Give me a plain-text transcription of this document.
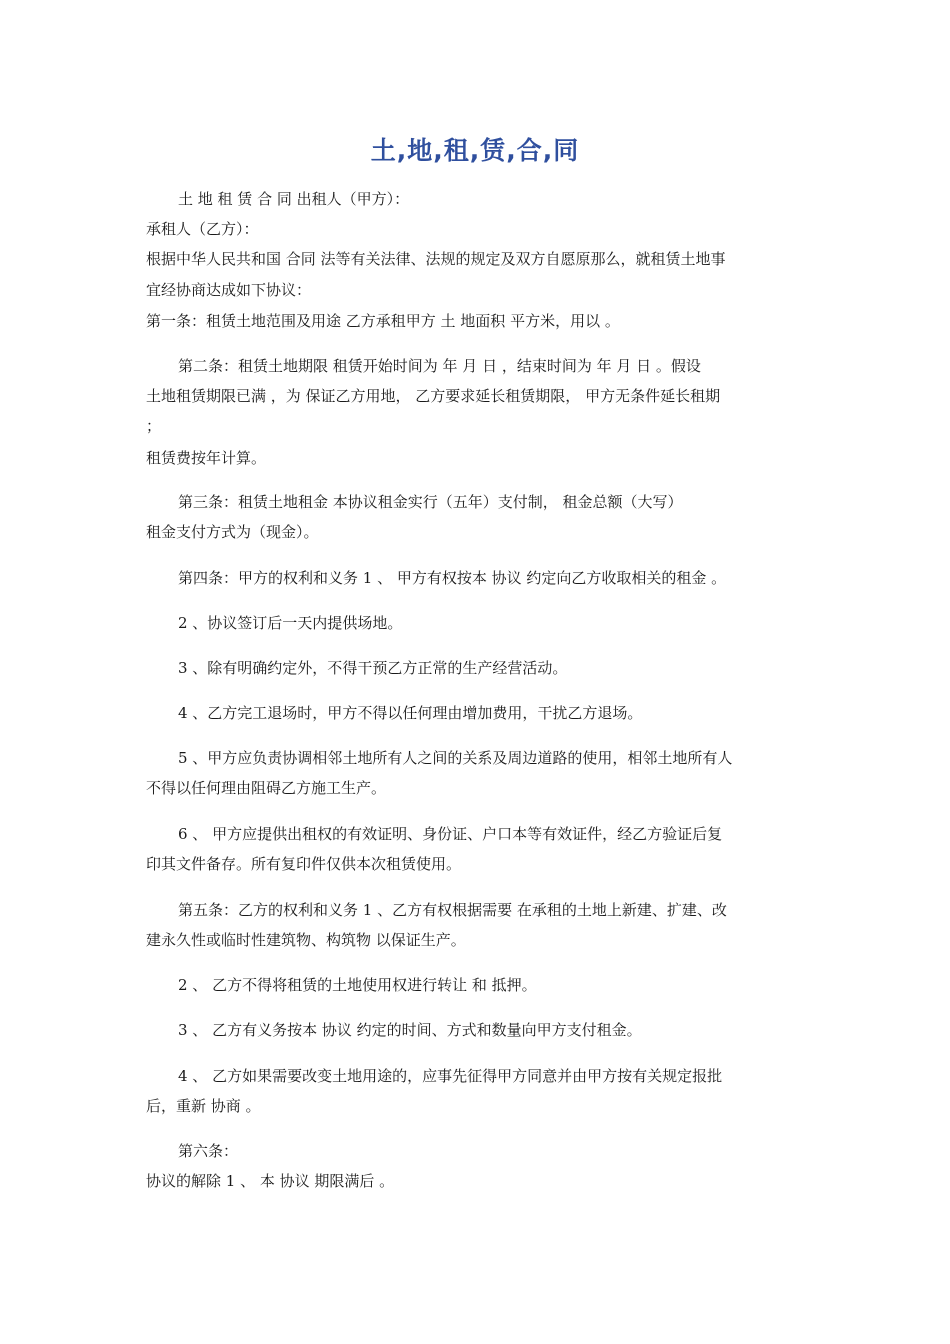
土,地,租,赁,合,同
土 地 租 赁 合 同 出租人（甲方）：
承租人（乙方）：
根据中华人民共和国 合同 法等有关法律、法规的规定及双方自愿原那么，就租赁土地事
宜经协商达成如下协议：
第一条：租赁土地范围及用途 乙方承租甲方 土 地面积 平方米，用以 。
第二条：租赁土地期限 租赁开始时间为 年 月 日 ，结束时间为 年 月 日 。假设
土地租赁期限已满 ，为 保证乙方用地， 乙方要求延长租赁期限， 甲方无条件延长租期
；
租赁费按年计算。
第三条：租赁土地租金 本协议租金实行（五年）支付制， 租金总额（大写）
租金支付方式为（现金）。
第四条：甲方的权利和义务 1 、 甲方有权按本 协议 约定向乙方收取相关的租金 。
2 、协议签订后一天内提供场地。
3 、除有明确约定外，不得干预乙方正常的生产经营活动。
4 、乙方完工退场时，甲方不得以任何理由增加费用，干扰乙方退场。
5 、甲方应负责协调相邻土地所有人之间的关系及周边道路的使用，相邻土地所有人
不得以任何理由阻碍乙方施工生产。
6 、 甲方应提供出租权的有效证明、身份证、户口本等有效证件，经乙方验证后复
印其文件备存。所有复印件仅供本次租赁使用。
第五条：乙方的权利和义务 1 、乙方有权根据需要 在承租的土地上新建、扩建、改
建永久性或临时性建筑物、构筑物 以保证生产。
2 、 乙方不得将租赁的土地使用权进行转让 和 抵押。
3 、 乙方有义务按本 协议 约定的时间、方式和数量向甲方支付租金。
4 、 乙方如果需要改变土地用途的，应事先征得甲方同意并由甲方按有关规定报批
后，重新 协商 。
第六条：
协议的解除 1 、 本 协议 期限满后 。
